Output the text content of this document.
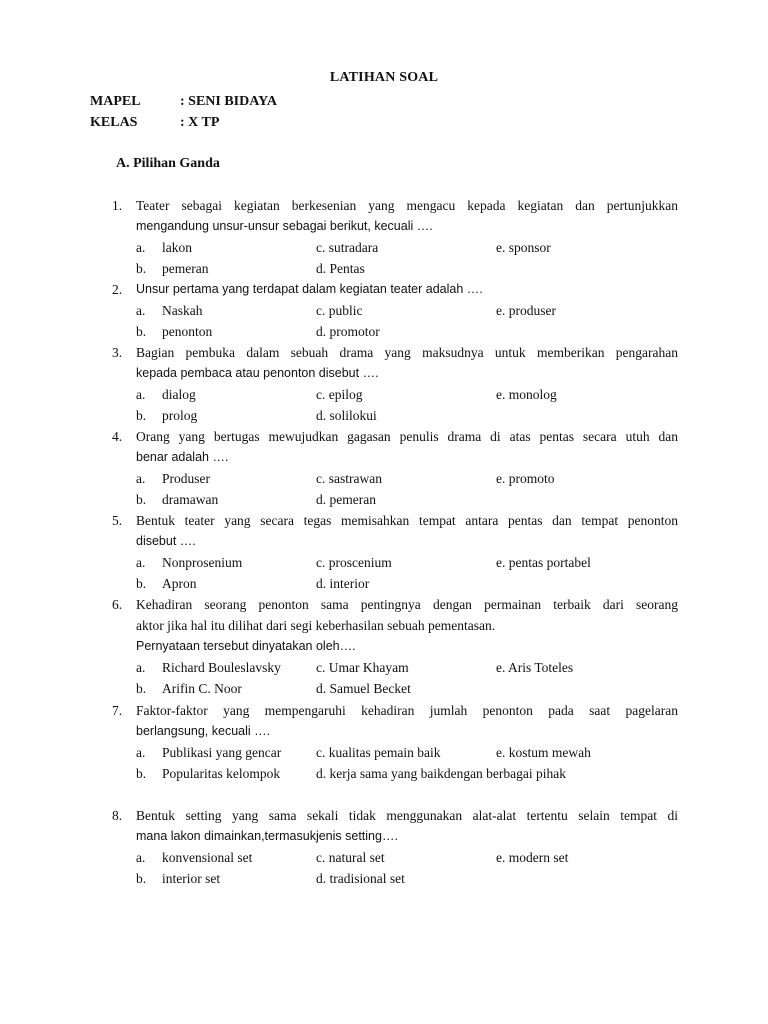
LATIHAN SOAL
MAPEL	: SENI BIDAYA
KELAS	: X TP
A. Pilihan Ganda
1. Teater sebagai kegiatan berkesenian yang mengacu kepada kegiatan dan pertunjukkan
mengandung unsur-unsur sebagai berikut, kecuali ….
a. lakon	c. sutradara	e. sponsor
b. pemeran	d. Pentas
2. Unsur pertama yang terdapat dalam kegiatan teater adalah ….
a. Naskah	c. public	e. produser
b. penonton	d. promotor
3. Bagian pembuka dalam sebuah drama yang maksudnya untuk memberikan pengarahan
kepada pembaca atau penonton disebut ….
a. dialog	c. epilog	e. monolog
b. prolog	d. solilokui
4. Orang yang bertugas mewujudkan gagasan penulis drama di atas pentas secara utuh dan
benar adalah ….
a. Produser	c. sastrawan	e. promoto
b. dramawan	d. pemeran
5. Bentuk teater yang secara tegas memisahkan tempat antara pentas dan tempat penonton
disebut ….
a. Nonprosenium	c. proscenium	e. pentas portabel
b. Apron	d. interior
6. Kehadiran seorang penonton sama pentingnya dengan permainan terbaik dari seorang
aktor jika hal itu dilihat dari segi keberhasilan sebuah pementasan.
Pernyataan tersebut dinyatakan oleh….
a. Richard Bouleslavsky	c. Umar Khayam	e. Aris Toteles
b. Arifin C. Noor	d. Samuel Becket
7. Faktor-faktor yang mempengaruhi kehadiran jumlah penonton pada saat pagelaran
berlangsung, kecuali ….
a. Publikasi yang gencar	c. kualitas pemain baik	e. kostum mewah
b. Popularitas kelompok	d. kerja sama yang baikdengan berbagai pihak
8. Bentuk setting yang sama sekali tidak menggunakan alat-alat tertentu selain tempat di
mana lakon dimainkan,termasukjenis setting….
a. konvensional set	c. natural set	e. modern set
b. interior set	d. tradisional set
